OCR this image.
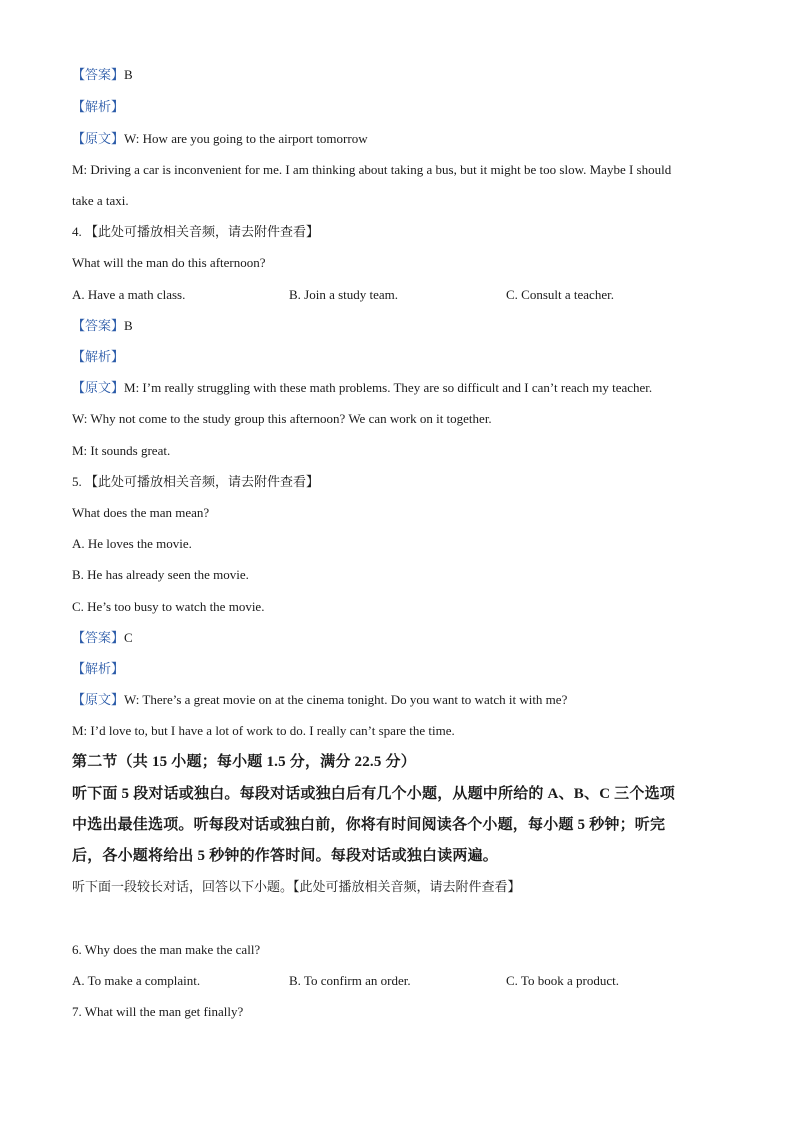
【答案】B
【解析】
【原文】W: How are you going to the airport tomorrow
M: Driving a car is inconvenient for me. I am thinking about taking a bus, but it might be too slow. Maybe I should
take a taxi.
4. 【此处可播放相关音频，请去附件查看】
What will the man do this afternoon?
A. Have a math class.	B. Join a study team.	C. Consult a teacher.
【答案】B
【解析】
【原文】M: I’m really struggling with these math problems. They are so difficult and I can’t reach my teacher.
W: Why not come to the study group this afternoon? We can work on it together.
M: It sounds great.
5. 【此处可播放相关音频，请去附件查看】
What does the man mean?
A. He loves the movie.
B. He has already seen the movie.
C. He’s too busy to watch the movie.
【答案】C
【解析】
【原文】W: There’s a great movie on at the cinema tonight. Do you want to watch it with me?
M: I’d love to, but I have a lot of work to do. I really can’t spare the time.
第二节（共 15 小题；每小题 1.5 分，满分 22.5 分）
听下面 5 段对话或独白。每段对话或独白后有几个小题，从题中所给的 A、B、C 三个选项
中选出最佳选项。听每段对话或独白前，你将有时间阅读各个小题，每小题 5 秒钟；听完
后，各小题将给出 5 秒钟的作答时间。每段对话或独白读两遍。
听下面一段较长对话，回答以下小题。【此处可播放相关音频，请去附件查看】
6. Why does the man make the call?
A. To make a complaint.	B. To confirm an order.	C. To book a product.
7. What will the man get finally?
